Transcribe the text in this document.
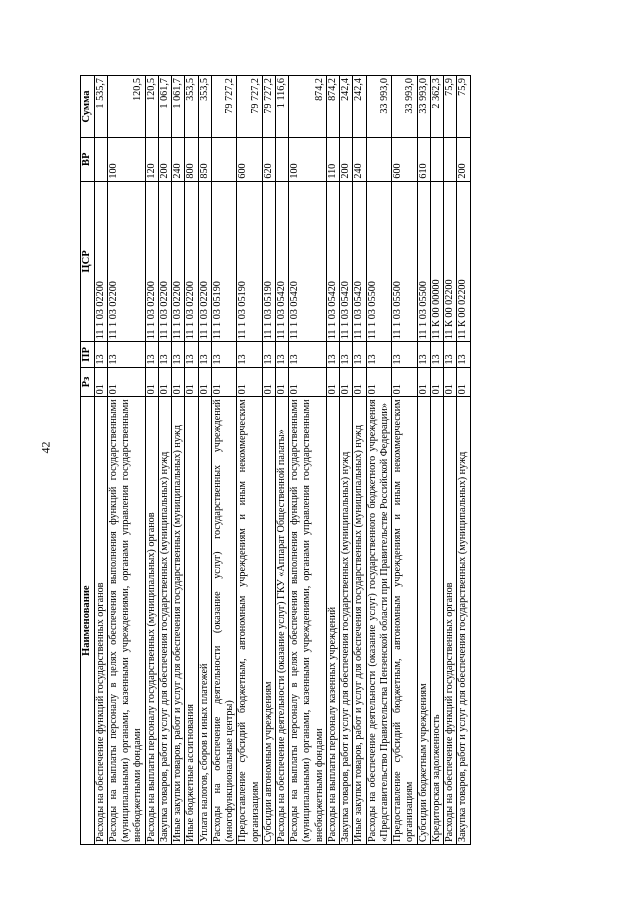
42
Наименование	Рз	ПР	ЦСР	ВР	Сумма
Расходы на обеспечение функций государственных органов	01	13	11 1 03 02200		1 535,7
Расходы на выплаты персоналу в целях обеспечения выполнения функций государственными (муниципальными) органами, казенными учреждениями, органами управления государственными внебюджетными фондами	01	13	11 1 03 02200	100	120,5
Расходы на выплаты персоналу государственных (муниципальных) органов	01	13	11 1 03 02200	120	120,5
Закупка товаров, работ и услуг для обеспечения государственных (муниципальных) нужд	01	13	11 1 03 02200	200	1 061,7
Иные закупки товаров, работ и услуг для обеспечения государственных (муниципальных) нужд	01	13	11 1 03 02200	240	1 061,7
Иные бюджетные ассигнования	01	13	11 1 03 02200	800	353,5
Уплата налогов, сборов и иных платежей	01	13	11 1 03 02200	850	353,5
Расходы на обеспечение деятельности (оказание услуг) государственных учреждений (многофункциональные центры)	01	13	11 1 03 05190		79 727,2
Предоставление субсидий бюджетным, автономным учреждениям и иным некоммерческим организациям	01	13	11 1 03 05190	600	79 727,2
Субсидии автономным учреждениям	01	13	11 1 03 05190	620	79 727,2
Расходы на обеспечение деятельности (оказание услуг) ГКУ «Аппарат Общественной палаты»	01	13	11 1 03 05420		1 116,6
Расходы на выплаты персоналу в целях обеспечения выполнения функций государственными (муниципальными) органами, казенными учреждениями, органами управления государственными внебюджетными фондами	01	13	11 1 03 05420	100	874,2
Расходы на выплаты персоналу казенных учреждений	01	13	11 1 03 05420	110	874,2
Закупка товаров, работ и услуг для обеспечения государственных (муниципальных) нужд	01	13	11 1 03 05420	200	242,4
Иные закупки товаров, работ и услуг для обеспечения государственных (муниципальных) нужд	01	13	11 1 03 05420	240	242,4
Расходы на обеспечение деятельности (оказание услуг) государственного бюджетного учреждения «Представительство Правительства Пензенской области при Правительстве Российской Федерации»	01	13	11 1 03 05500		33 993,0
Предоставление субсидий бюджетным, автономным учреждениям и иным некоммерческим организациям	01	13	11 1 03 05500	600	33 993,0
Субсидии бюджетным учреждениям	01	13	11 1 03 05500	610	33 993,0
Кредиторская задолженность	01	13	11 К 00 00000		2 362,3
Расходы на обеспечение функций государственных органов	01	13	11 К 00 02200		75,9
Закупка товаров, работ и услуг для обеспечения государственных (муниципальных) нужд	01	13	11 К 00 02200	200	75,9
